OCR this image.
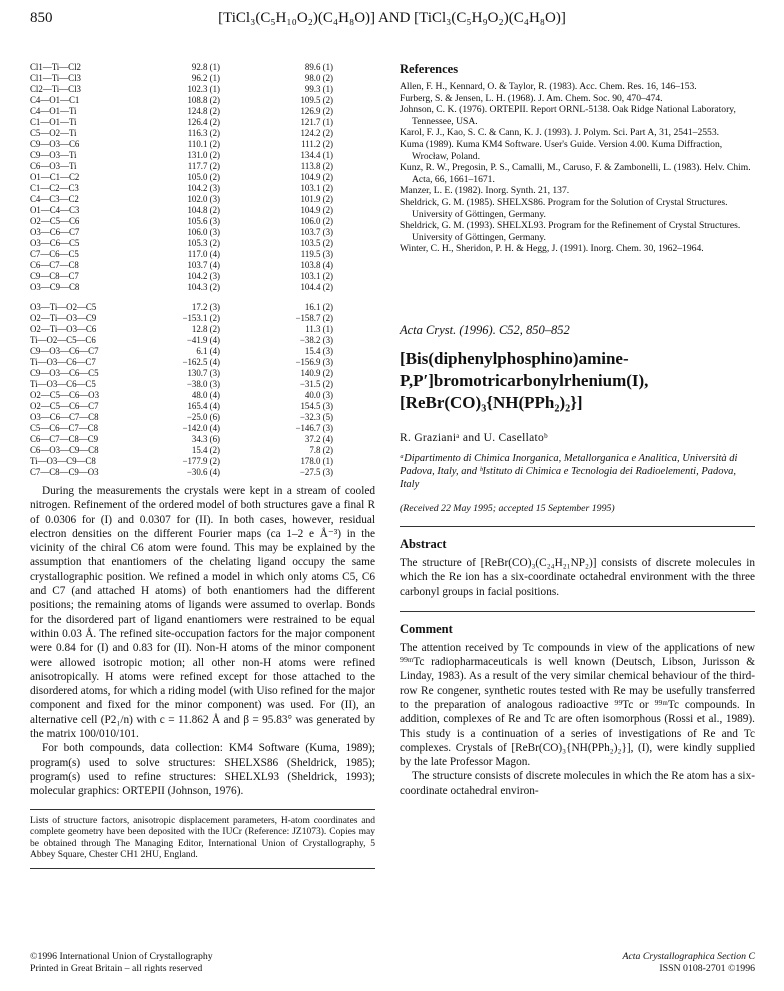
850	[TiCl₃(C₅H₁₀O₂)(C₄H₈O)] AND [TiCl₃(C₅H₉O₂)(C₄H₈O)]
Cl1—Ti—Cl2	92.8 (1)	89.6 (1)
Cl1—Ti—Cl3	96.2 (1)	98.0 (2)
Cl2—Ti—Cl3	102.3 (1)	99.3 (1)
C4—O1—C1	108.8 (2)	109.5 (2)
C4—O1—Ti	124.8 (2)	126.9 (2)
C1—O1—Ti	126.4 (2)	121.7 (1)
C5—O2—Ti	116.3 (2)	124.2 (2)
C9—O3—C6	110.1 (2)	111.2 (2)
C9—O3—Ti	131.0 (2)	134.4 (1)
C6—O3—Ti	117.7 (2)	113.8 (2)
O1—C1—C2	105.0 (2)	104.9 (2)
C1—C2—C3	104.2 (3)	103.1 (2)
C4—C3—C2	102.0 (3)	101.9 (2)
O1—C4—C3	104.8 (2)	104.9 (2)
O2—C5—C6	105.6 (3)	106.0 (2)
O3—C6—C7	106.0 (3)	103.7 (3)
O3—C6—C5	105.3 (2)	103.5 (2)
C7—C6—C5	117.0 (4)	119.5 (3)
C6—C7—C8	103.7 (4)	103.8 (4)
C9—C8—C7	104.2 (3)	103.1 (2)
O3—C9—C8	104.3 (2)	104.4 (2)
O3—Ti—O2—C5	17.2 (3)	16.1 (2)
O2—Ti—O3—C9	−153.1 (2)	−158.7 (2)
O2—Ti—O3—C6	12.8 (2)	11.3 (1)
Ti—O2—C5—C6	−41.9 (4)	−38.2 (3)
C9—O3—C6—C7	6.1 (4)	15.4 (3)
Ti—O3—C6—C7	−162.5 (4)	−156.9 (3)
C9—O3—C6—C5	130.7 (3)	140.9 (2)
Ti—O3—C6—C5	−38.0 (3)	−31.5 (2)
O2—C5—C6—O3	48.0 (4)	40.0 (3)
O2—C5—C6—C7	165.4 (4)	154.5 (3)
O3—C6—C7—C8	−25.0 (6)	−32.3 (5)
C5—C6—C7—C8	−142.0 (4)	−146.7 (3)
C6—C7—C8—C9	34.3 (6)	37.2 (4)
C6—O3—C9—C8	15.4 (2)	7.8 (2)
Ti—O3—C9—C8	−177.9 (2)	178.0 (1)
C7—C8—C9—O3	−30.6 (4)	−27.5 (3)

During the measurements the crystals were kept in a stream of cooled nitrogen. Refinement of the ordered model of both structures gave a final R of 0.0306 for (I) and 0.0307 for (II). In both cases, however, residual electron densities on the different Fourier maps (ca 1–2 e Å⁻³) in the vicinity of the chiral C6 atom were found. This may be explained by the assumption that enantiomers of the chelating ligand occupy the same crystallographic position. We refined a model in which only atoms C5, C6 and C7 (and attached H atoms) of both enantiomers had the different positions; the remaining atoms of ligands were assumed to overlap. Bonds for the disordered part of ligand enantiomers were restrained to be equal within 0.03 Å. The refined site-occupation factors for the major component were 0.84 for (I) and 0.83 for (II). Non-H atoms of the minor component were allowed isotropic motion; all other non-H atoms were refined anisotropically. H atoms were refined except for those attached to the disordered atoms, for which a riding model (with Uiso refined for the major component and fixed for the minor component) was used. For (II), an alternative cell (P2₁/n) with c = 11.862 Å and β = 95.83° was generated by the matrix 100/010/101.

For both compounds, data collection: KM4 Software (Kuma, 1989); program(s) used to solve structures: SHELXS86 (Sheldrick, 1985); program(s) used to refine structures: SHELXL93 (Sheldrick, 1993); molecular graphics: ORTEPII (Johnson, 1976).

Lists of structure factors, anisotropic displacement parameters, H-atom coordinates and complete geometry have been deposited with the IUCr (Reference: JZ1073). Copies may be obtained through The Managing Editor, International Union of Crystallography, 5 Abbey Square, Chester CH1 2HU, England.
References
Allen, F. H., Kennard, O. & Taylor, R. (1983). Acc. Chem. Res. 16, 146–153.
Furberg, S. & Jensen, L. H. (1968). J. Am. Chem. Soc. 90, 470–474.
Johnson, C. K. (1976). ORTEPII. Report ORNL-5138. Oak Ridge National Laboratory, Tennessee, USA.
Karol, F. J., Kao, S. C. & Cann, K. J. (1993). J. Polym. Sci. Part A, 31, 2541–2553.
Kuma (1989). Kuma KM4 Software. User's Guide. Version 4.00. Kuma Diffraction, Wrocław, Poland.
Kunz, R. W., Pregosin, P. S., Camalli, M., Caruso, F. & Zambonelli, L. (1983). Helv. Chim. Acta, 66, 1661–1671.
Manzer, L. E. (1982). Inorg. Synth. 21, 137.
Sheldrick, G. M. (1985). SHELXS86. Program for the Solution of Crystal Structures. University of Göttingen, Germany.
Sheldrick, G. M. (1993). SHELXL93. Program for the Refinement of Crystal Structures. University of Göttingen, Germany.
Winter, C. H., Sheridon, P. H. & Hegg, J. (1991). Inorg. Chem. 30, 1962–1964.
Acta Cryst. (1996). C52, 850–852
[Bis(diphenylphosphino)amine-
P,P′]bromotricarbonylrhenium(I),
[ReBr(CO)₃{NH(PPh₂)₂}]
R. Grazianiᵃ and U. Casellatoᵇ
ᵃDipartimento di Chimica Inorganica, Metallorganica e Analitica, Università di Padova, Italy, and ᵇIstituto di Chimica e Tecnologia dei Radioelementi, Padova, Italy
(Received 22 May 1995; accepted 15 September 1995)
Abstract
The structure of [ReBr(CO)₃(C₂₄H₂₁NP₂)] consists of discrete molecules in which the Re ion has a six-coordinate octahedral environment with the three carbonyl groups in facial positions.
Comment

The attention received by Tc compounds in view of the applications of new ⁹⁹ᵐTc radiopharmaceuticals is well known (Deutsch, Libson, Jurisson & Linday, 1983). As a result of the very similar chemical behaviour of the third-row Re congener, synthetic routes tested with Re may be usefully transferred to the preparation of analogous radioactive ⁹⁹Tc or ⁹⁹ᵐTc compounds. In addition, complexes of Re and Tc are often isomorphous (Rossi et al., 1989). This study is a continuation of a series of investigations of Re and Tc complexes. Crystals of [ReBr(CO)₃{NH(PPh₂)₂}], (I), were kindly supplied by the late Professor Magon.

The structure consists of discrete molecules in which the Re atom has a six-coordinate octahedral environ-

©1996 International Union of Crystallography
Printed in Great Britain – all rights reserved
Acta Crystallographica Section C
ISSN 0108-2701 ©1996
